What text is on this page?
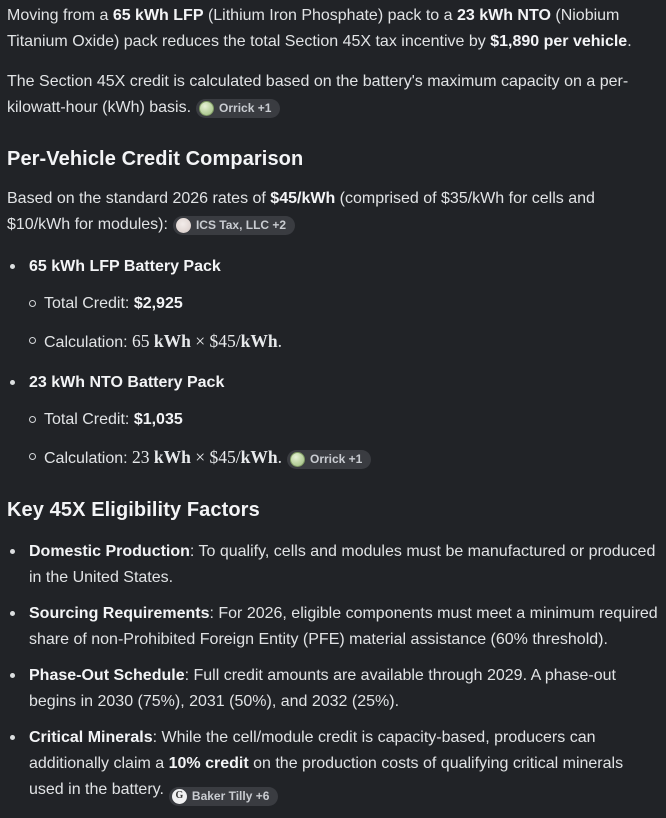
Moving from a 65 kWh LFP (Lithium Iron Phosphate) pack to a 23 kWh NTO (Niobium Titanium Oxide) pack reduces the total Section 45X tax incentive by $1,890 per vehicle.

The Section 45X credit is calculated based on the battery's maximum capacity on a per-kilowatt-hour (kWh) basis. Orrick +1

Per-Vehicle Credit Comparison

Based on the standard 2026 rates of $45/kWh (comprised of $35/kWh for cells and $10/kWh for modules): ICS Tax, LLC +2

65 kWh LFP Battery Pack
Total Credit: $2,925
Calculation: 65 kWh × $45/kWh.
23 kWh NTO Battery Pack
Total Credit: $1,035
Calculation: 23 kWh × $45/kWh. Orrick +1
Key 45X Eligibility Factors
Domestic Production: To qualify, cells and modules must be manufactured or produced in the United States.
Sourcing Requirements: For 2026, eligible components must meet a minimum required share of non-Prohibited Foreign Entity (PFE) material assistance (60% threshold).
Phase-Out Schedule: Full credit amounts are available through 2029. A phase-out begins in 2030 (75%), 2031 (50%), and 2032 (25%).
Critical Minerals: While the cell/module credit is capacity-based, producers can additionally claim a 10% credit on the production costs of qualifying critical minerals used in the battery.	G Baker Tilly +6
